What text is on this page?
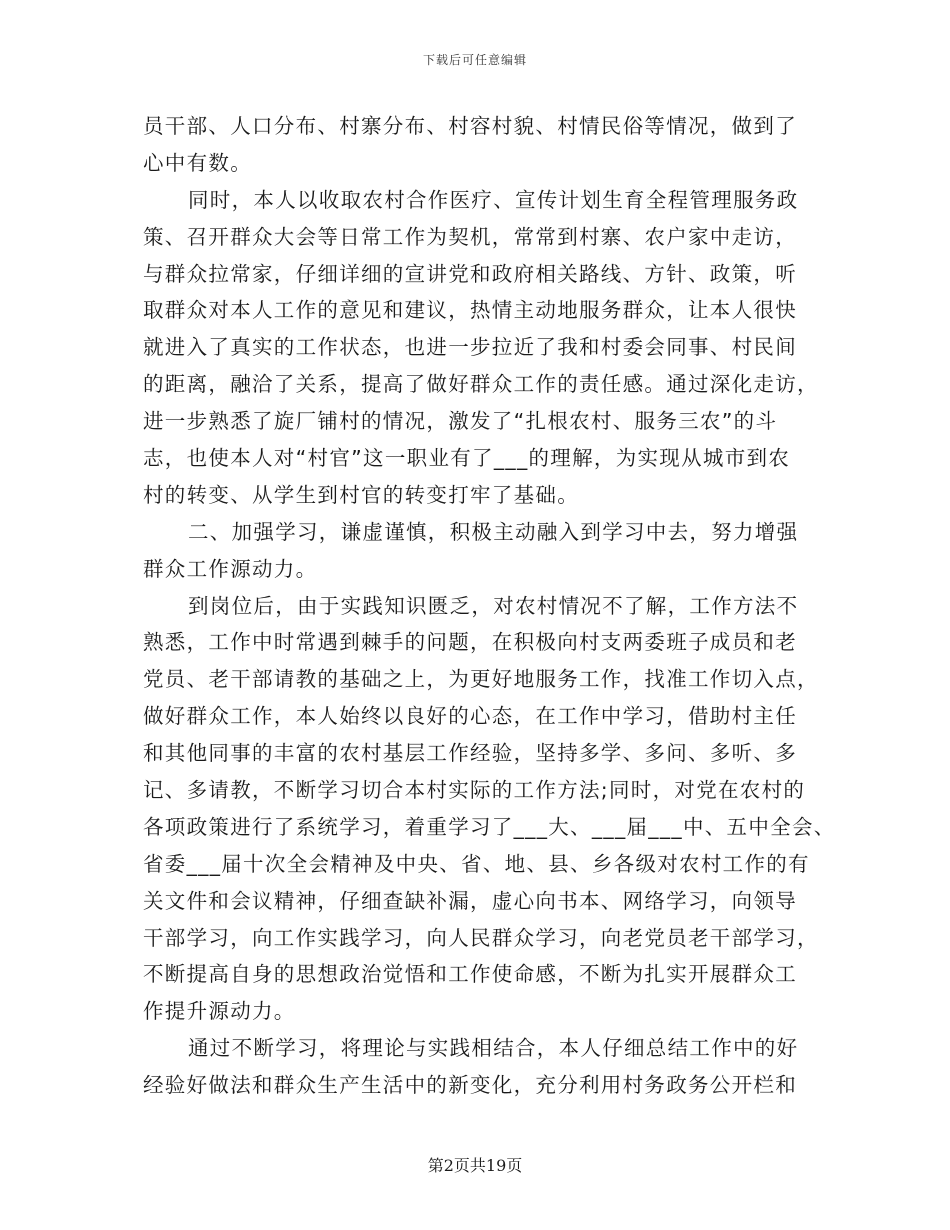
下载后可任意编辑
员干部、人口分布、村寨分布、村容村貌、村情民俗等情况，做到了
心中有数。
同时，本人以收取农村合作医疗、宣传计划生育全程管理服务政
策、召开群众大会等日常工作为契机，常常到村寨、农户家中走访，
与群众拉常家，仔细详细的宣讲党和政府相关路线、方针、政策，听
取群众对本人工作的意见和建议，热情主动地服务群众，让本人很快
就进入了真实的工作状态，也进一步拉近了我和村委会同事、村民间
的距离，融洽了关系，提高了做好群众工作的责任感。通过深化走访，
进一步熟悉了旋厂铺村的情况，激发了“扎根农村、服务三农”的斗
志，也使本人对“村官”这一职业有了___的理解，为实现从城市到农
村的转变、从学生到村官的转变打牢了基础。
二、加强学习，谦虚谨慎，积极主动融入到学习中去，努力增强
群众工作源动力。
到岗位后，由于实践知识匮乏，对农村情况不了解，工作方法不
熟悉，工作中时常遇到棘手的问题，在积极向村支两委班子成员和老
党员、老干部请教的基础之上，为更好地服务工作，找准工作切入点，
做好群众工作，本人始终以良好的心态，在工作中学习，借助村主任
和其他同事的丰富的农村基层工作经验，坚持多学、多问、多听、多
记、多请教，不断学习切合本村实际的工作方法;同时，对党在农村的
各项政策进行了系统学习，着重学习了___大、___届___中、五中全会、
省委___届十次全会精神及中央、省、地、县、乡各级对农村工作的有
关文件和会议精神，仔细查缺补漏，虚心向书本、网络学习，向领导
干部学习，向工作实践学习，向人民群众学习，向老党员老干部学习，
不断提高自身的思想政治觉悟和工作使命感，不断为扎实开展群众工
作提升源动力。
通过不断学习，将理论与实践相结合，本人仔细总结工作中的好
经验好做法和群众生产生活中的新变化，充分利用村务政务公开栏和
第2页共19页
